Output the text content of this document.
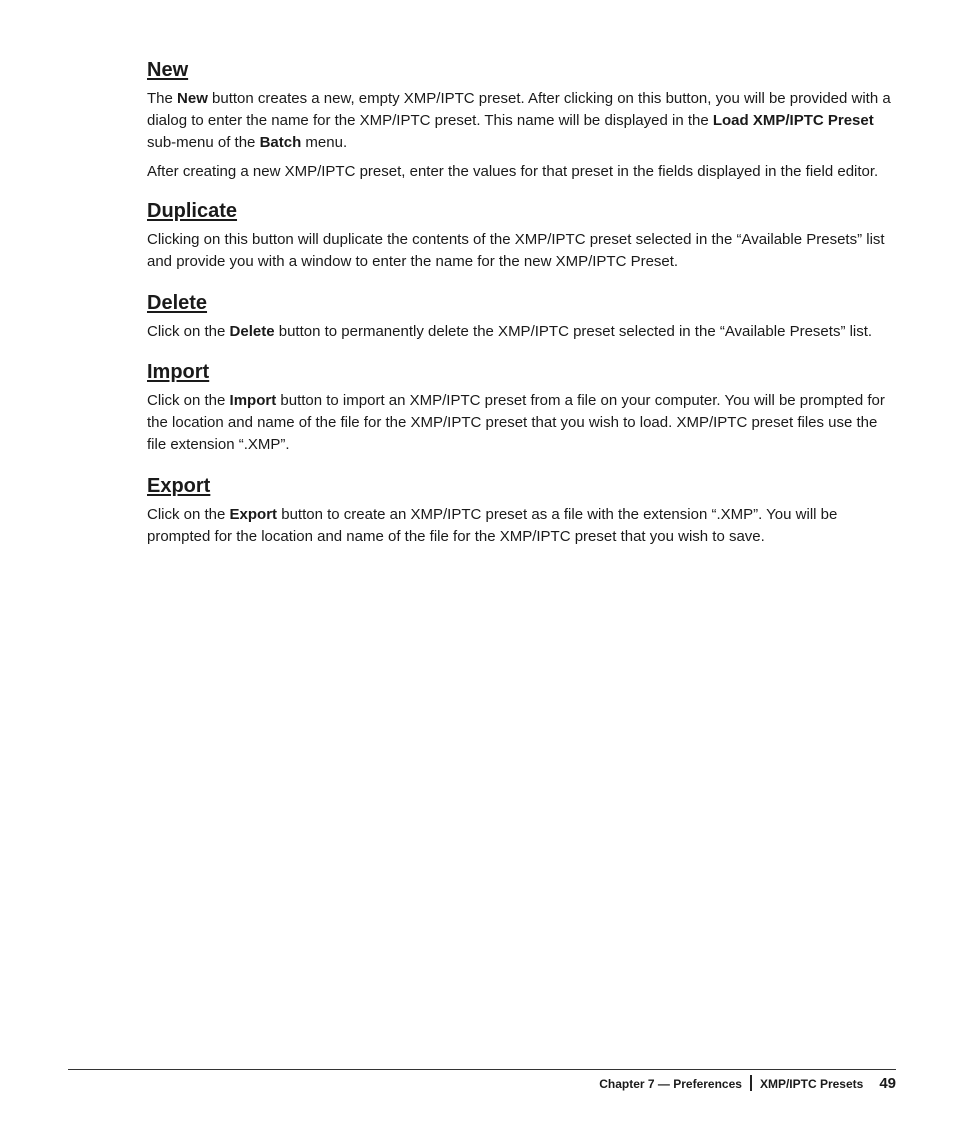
New

The New button creates a new, empty XMP/IPTC preset. After clicking on this button, you will be provided with a dialog to enter the name for the XMP/IPTC preset. This name will be displayed in the Load XMP/IPTC Preset sub-menu of the Batch menu.

After creating a new XMP/IPTC preset, enter the values for that preset in the fields displayed in the field editor.

Duplicate

Clicking on this button will duplicate the contents of the XMP/IPTC preset selected in the “Available Presets” list and provide you with a window to enter the name for the new XMP/IPTC Preset.

Delete

Click on the Delete button to permanently delete the XMP/IPTC preset selected in the “Available Presets” list.

Import

Click on the Import button to import an XMP/IPTC preset from a file on your computer. You will be prompted for the location and name of the file for the XMP/IPTC preset that you wish to load. XMP/IPTC preset files use the file extension “.XMP”.

Export

Click on the Export button to create an XMP/IPTC preset as a file with the extension “.XMP”. You will be prompted for the location and name of the file for the XMP/IPTC preset that you wish to save.

Chapter 7 — Preferences XMP/IPTC Presets 49
